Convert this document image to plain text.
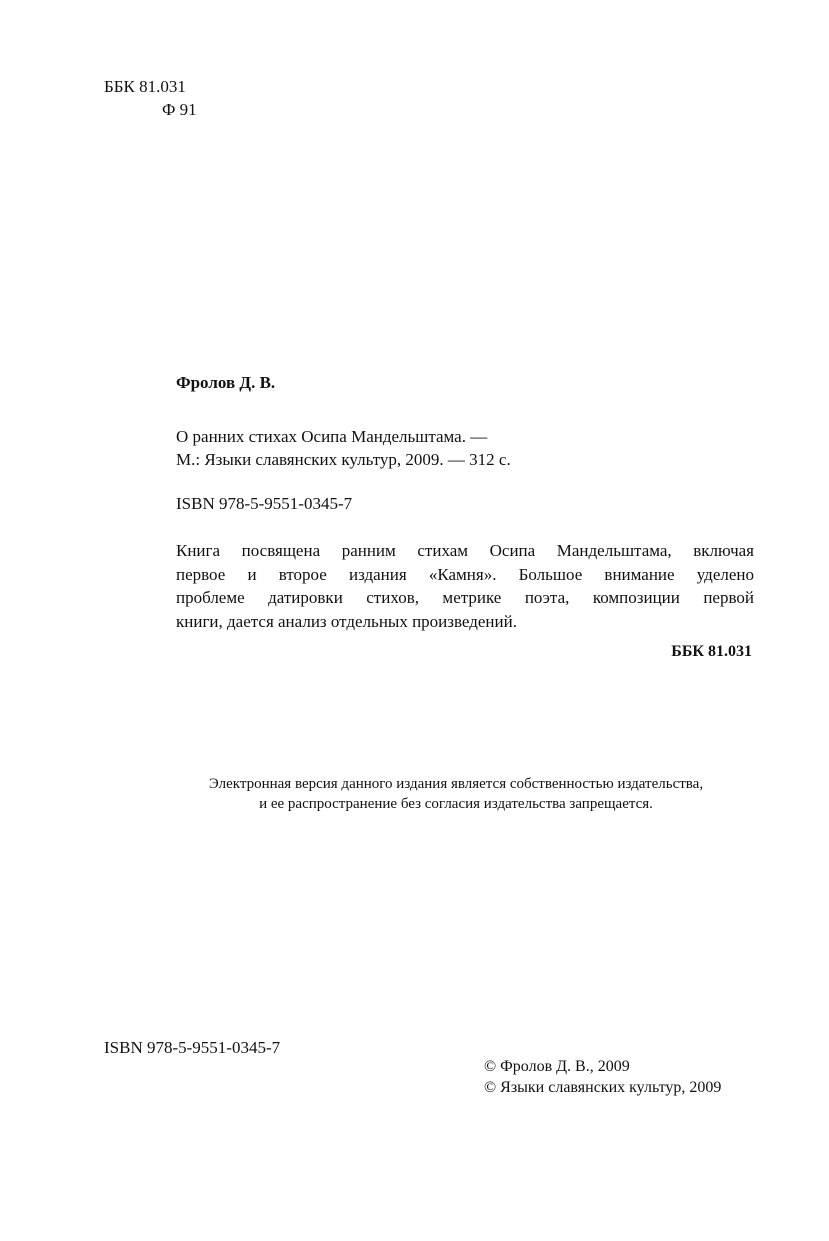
ББК 81.031
Ф 91
Фролов Д. В.
О ранних стихах Осипа Мандельштама. —
М.: Языки славянских культур, 2009. — 312 с.
ISBN 978-5-9551-0345-7
Книга посвящена ранним стихам Осипа Мандельштама, включая
первое и второе издания «Камня». Большое внимание уделено
проблеме датировки стихов, метрике поэта, композиции первой
книги, дается анализ отдельных произведений.
ББК 81.031
Электронная версия данного издания является собственностью издательства,
и ее распространение без согласия издательства запрещается.
ISBN 978-5-9551-0345-7
© Фролов Д. В., 2009
© Языки славянских культур, 2009
